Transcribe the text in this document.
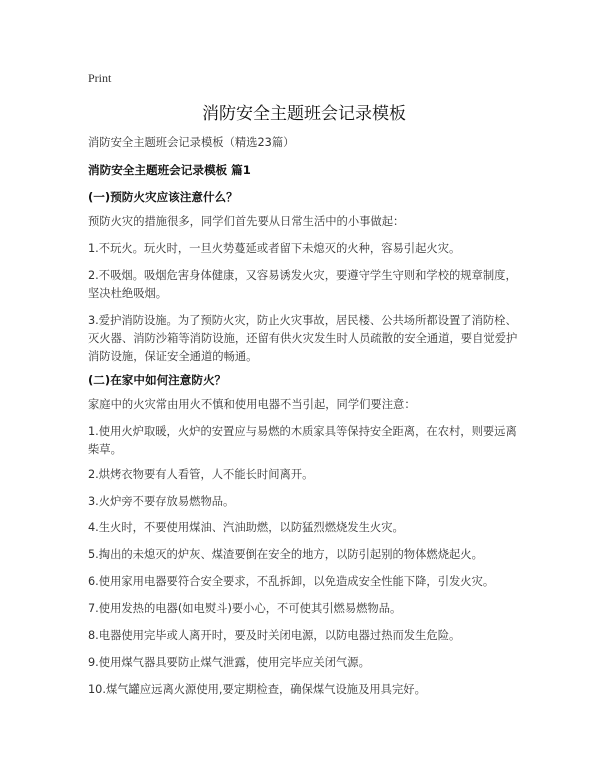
Print
消防安全主题班会记录模板

消防安全主题班会记录模板（精选23篇）

消防安全主题班会记录模板 篇1

(一)预防火灾应该注意什么？

预防火灾的措施很多，同学们首先要从日常生活中的小事做起：

1.不玩火。玩火时，一旦火势蔓延或者留下未熄灭的火种，容易引起火灾。

2.不吸烟。吸烟危害身体健康，又容易诱发火灾，要遵守学生守则和学校的规章制度，坚决杜绝吸烟。

3.爱护消防设施。为了预防火灾，防止火灾事故，居民楼、公共场所都设置了消防栓、灭火器、消防沙箱等消防设施，还留有供火灾发生时人员疏散的安全通道，要自觉爱护消防设施，保证安全通道的畅通。

(二)在家中如何注意防火？

家庭中的火灾常由用火不慎和使用电器不当引起，同学们要注意：

1.使用火炉取暖，火炉的安置应与易燃的木质家具等保持安全距离，在农村，则要远离柴草。

2.烘烤衣物要有人看管，人不能长时间离开。

3.火炉旁不要存放易燃物品。

4.生火时，不要使用煤油、汽油助燃，以防猛烈燃烧发生火灾。

5.掏出的未熄灭的炉灰、煤渣要倒在安全的地方，以防引起别的物体燃烧起火。

6.使用家用电器要符合安全要求，不乱拆卸，以免造成安全性能下降，引发火灾。

7.使用发热的电器(如电熨斗)要小心，不可使其引燃易燃物品。

8.电器使用完毕或人离开时，要及时关闭电源，以防电器过热而发生危险。

9.使用煤气器具要防止煤气泄露，使用完毕应关闭气源。

10.煤气罐应远离火源使用,要定期检查，确保煤气设施及用具完好。
